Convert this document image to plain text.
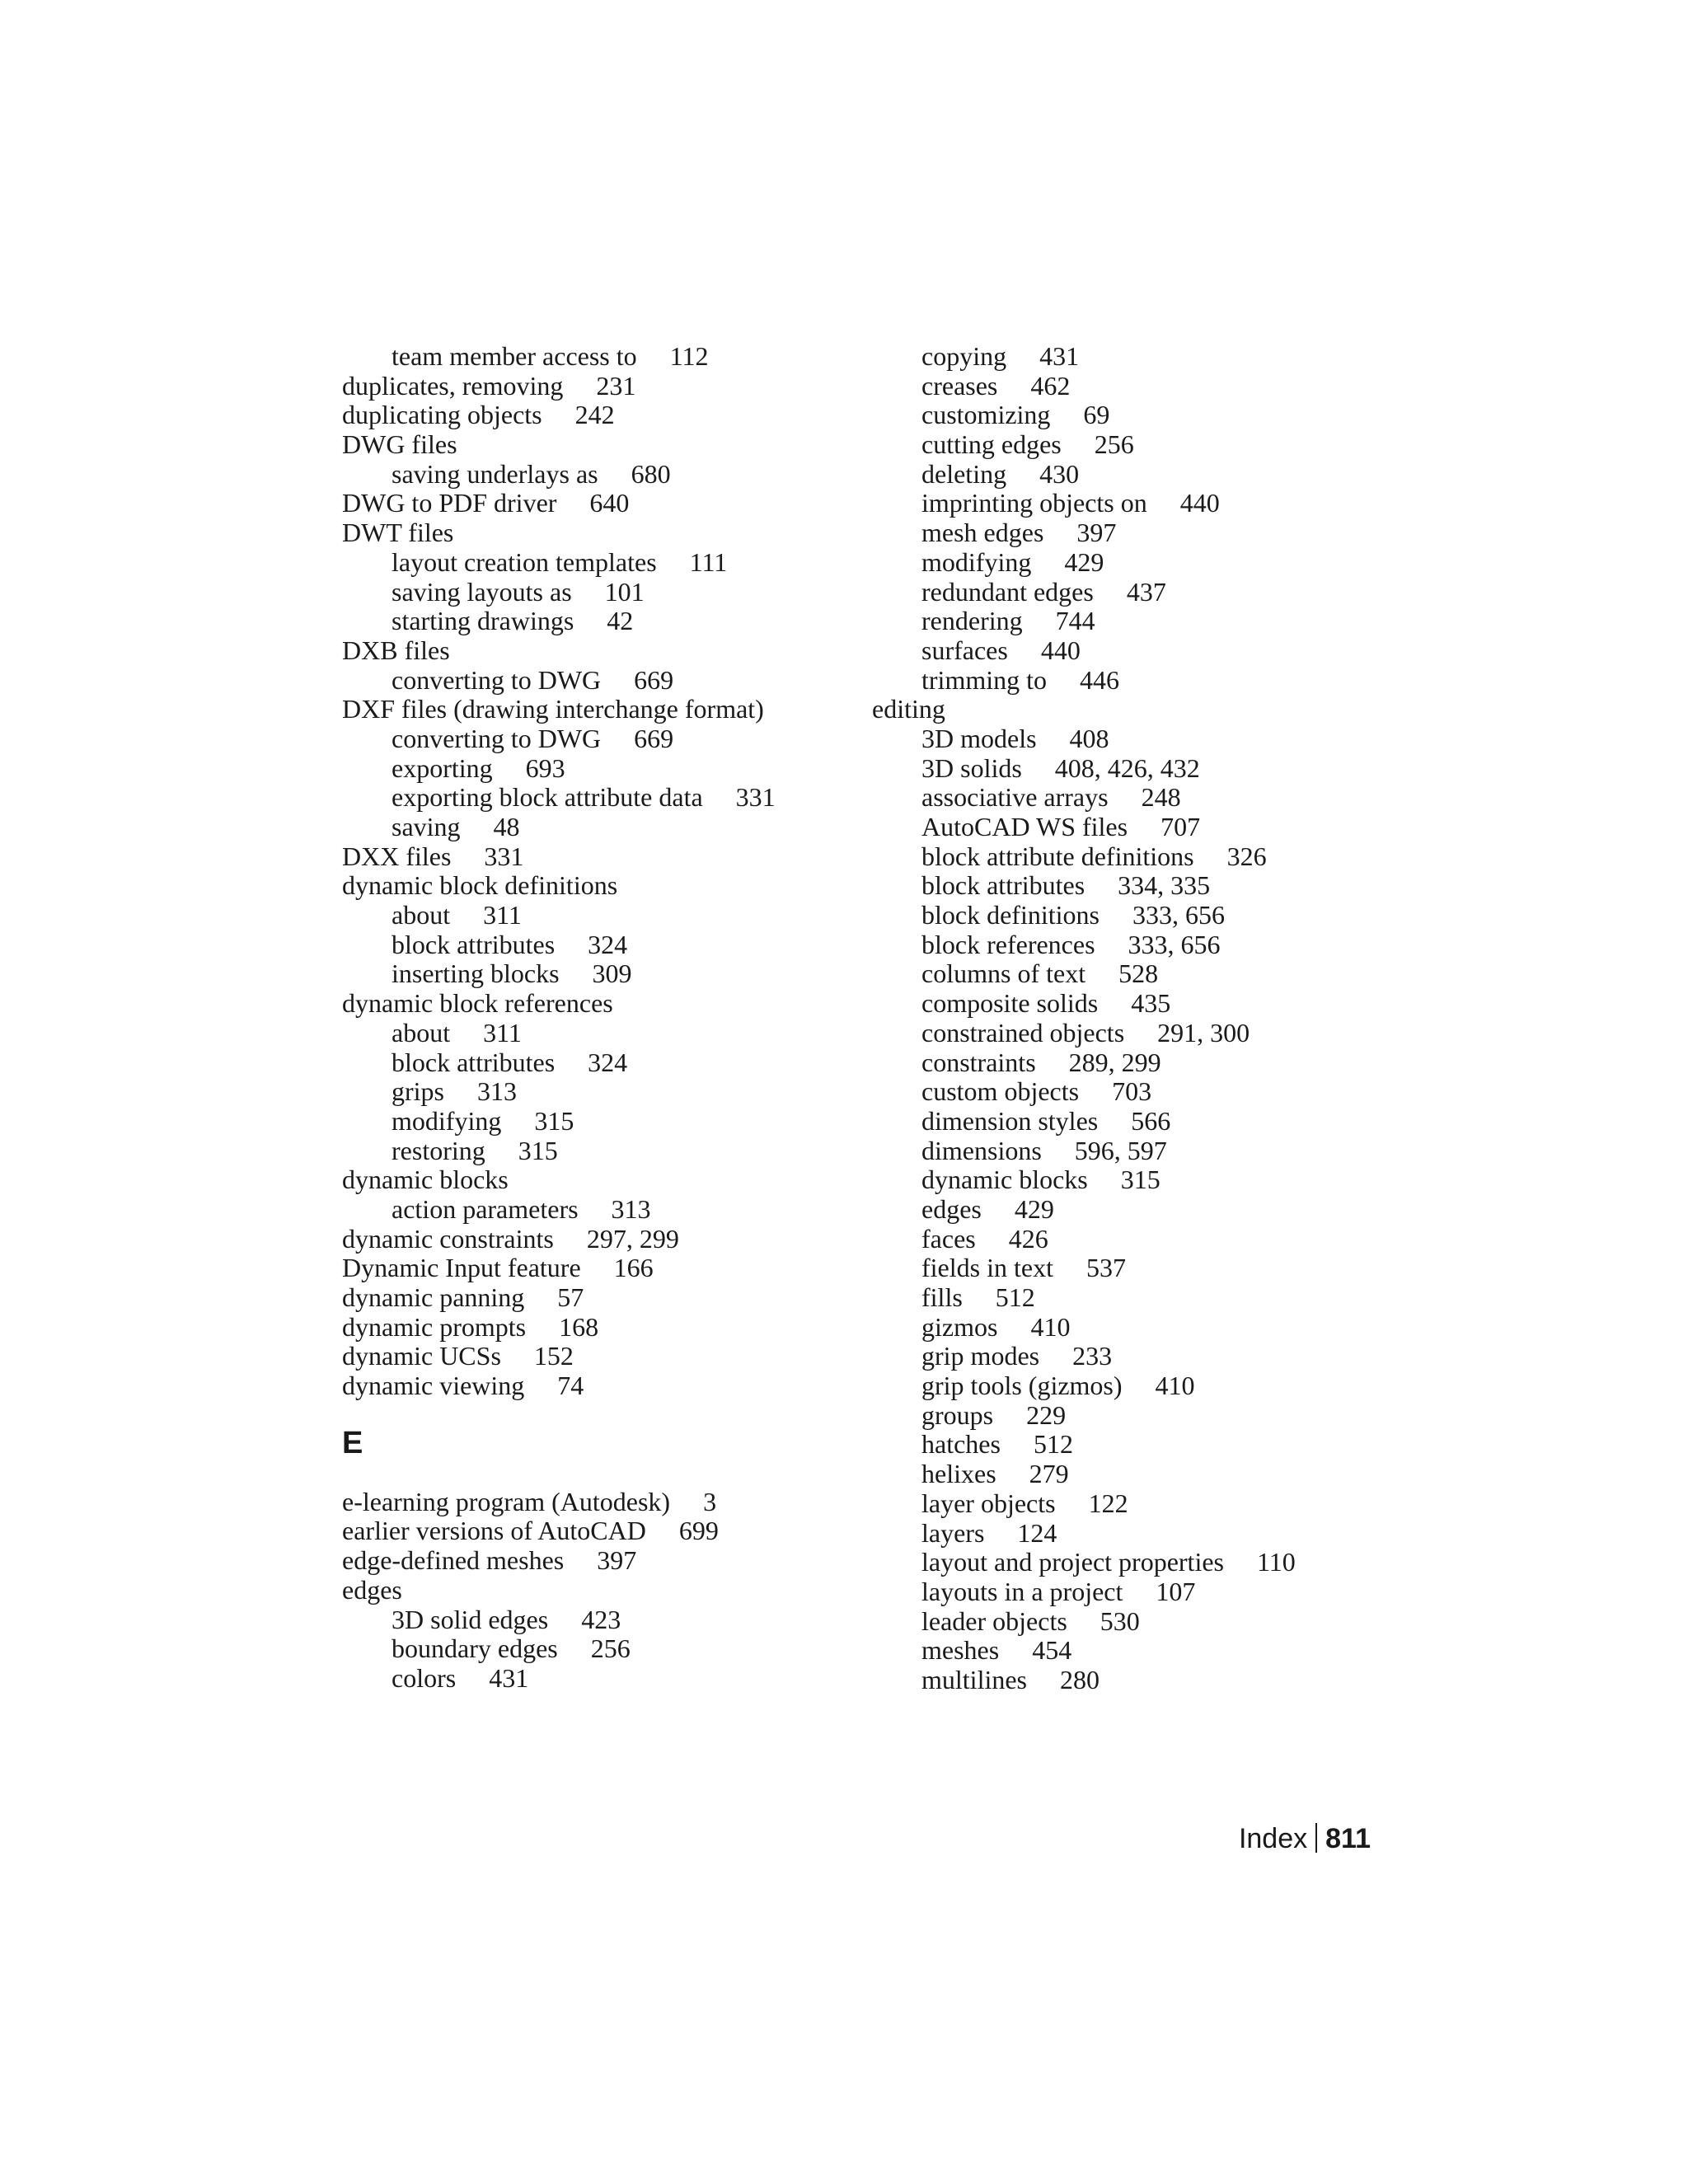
team member access to 112
duplicates, removing 231
duplicating objects 242
DWG files
saving underlays as 680
DWG to PDF driver 640
DWT files
layout creation templates 111
saving layouts as 101
starting drawings 42
DXB files
converting to DWG 669
DXF files (drawing interchange format)
converting to DWG 669
exporting 693
exporting block attribute data 331
saving 48
DXX files 331
dynamic block definitions
about 311
block attributes 324
inserting blocks 309
dynamic block references
about 311
block attributes 324
grips 313
modifying 315
restoring 315
dynamic blocks
action parameters 313
dynamic constraints 297, 299
Dynamic Input feature 166
dynamic panning 57
dynamic prompts 168
dynamic UCSs 152
dynamic viewing 74
E
e-learning program (Autodesk) 3
earlier versions of AutoCAD 699
edge-defined meshes 397
edges
3D solid edges 423
boundary edges 256
colors 431
copying 431
creases 462
customizing 69
cutting edges 256
deleting 430
imprinting objects on 440
mesh edges 397
modifying 429
redundant edges 437
rendering 744
surfaces 440
trimming to 446
editing
3D models 408
3D solids 408, 426, 432
associative arrays 248
AutoCAD WS files 707
block attribute definitions 326
block attributes 334, 335
block definitions 333, 656
block references 333, 656
columns of text 528
composite solids 435
constrained objects 291, 300
constraints 289, 299
custom objects 703
dimension styles 566
dimensions 596, 597
dynamic blocks 315
edges 429
faces 426
fields in text 537
fills 512
gizmos 410
grip modes 233
grip tools (gizmos) 410
groups 229
hatches 512
helixes 279
layer objects 122
layers 124
layout and project properties 110
layouts in a project 107
leader objects 530
meshes 454
multilines 280
Index 811
